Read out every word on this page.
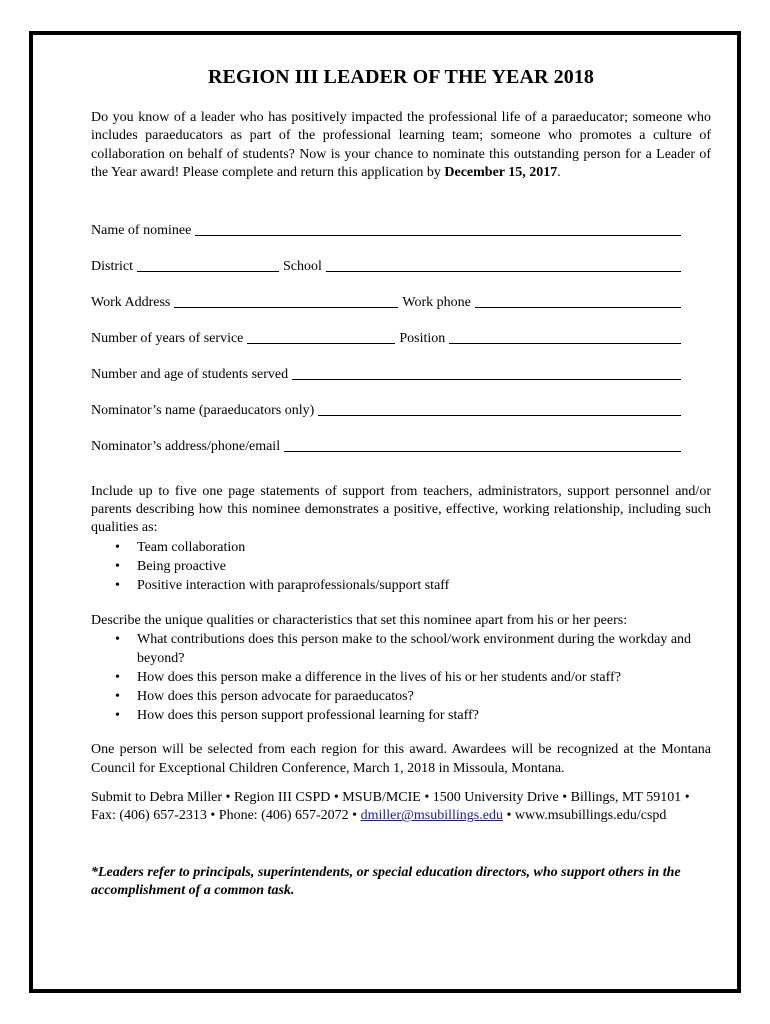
REGION III LEADER OF THE YEAR 2018

Do you know of a leader who has positively impacted the professional life of a paraeducator; someone who includes paraeducators as part of the professional learning team; someone who promotes a culture of collaboration on behalf of students? Now is your chance to nominate this outstanding person for a Leader of the Year award! Please complete and return this application by December 15, 2017.

Name of nominee
District	School
Work Address	Work phone
Number of years of service	Position
Number and age of students served
Nominator’s name (paraeducators only)
Nominator’s address/phone/email

Include up to five one page statements of support from teachers, administrators, support personnel and/or parents describing how this nominee demonstrates a positive, effective, working relationship, including such qualities as:

• Team collaboration
• Being proactive
• Positive interaction with paraprofessionals/support staff

Describe the unique qualities or characteristics that set this nominee apart from his or her peers:

• What contributions does this person make to the school/work environment during the workday and beyond?
• How does this person make a difference in the lives of his or her students and/or staff?
• How does this person advocate for paraeducatos?
• How does this person support professional learning for staff?

One person will be selected from each region for this award. Awardees will be recognized at the Montana Council for Exceptional Children Conference, March 1, 2018 in Missoula, Montana.

Submit to Debra Miller • Region III CSPD • MSUB/MCIE • 1500 University Drive • Billings, MT 59101 • Fax: (406) 657-2313 • Phone: (406) 657-2072 • dmiller@msubillings.edu • www.msubillings.edu/cspd

*Leaders refer to principals, superintendents, or special education directors, who support others in the accomplishment of a common task.
